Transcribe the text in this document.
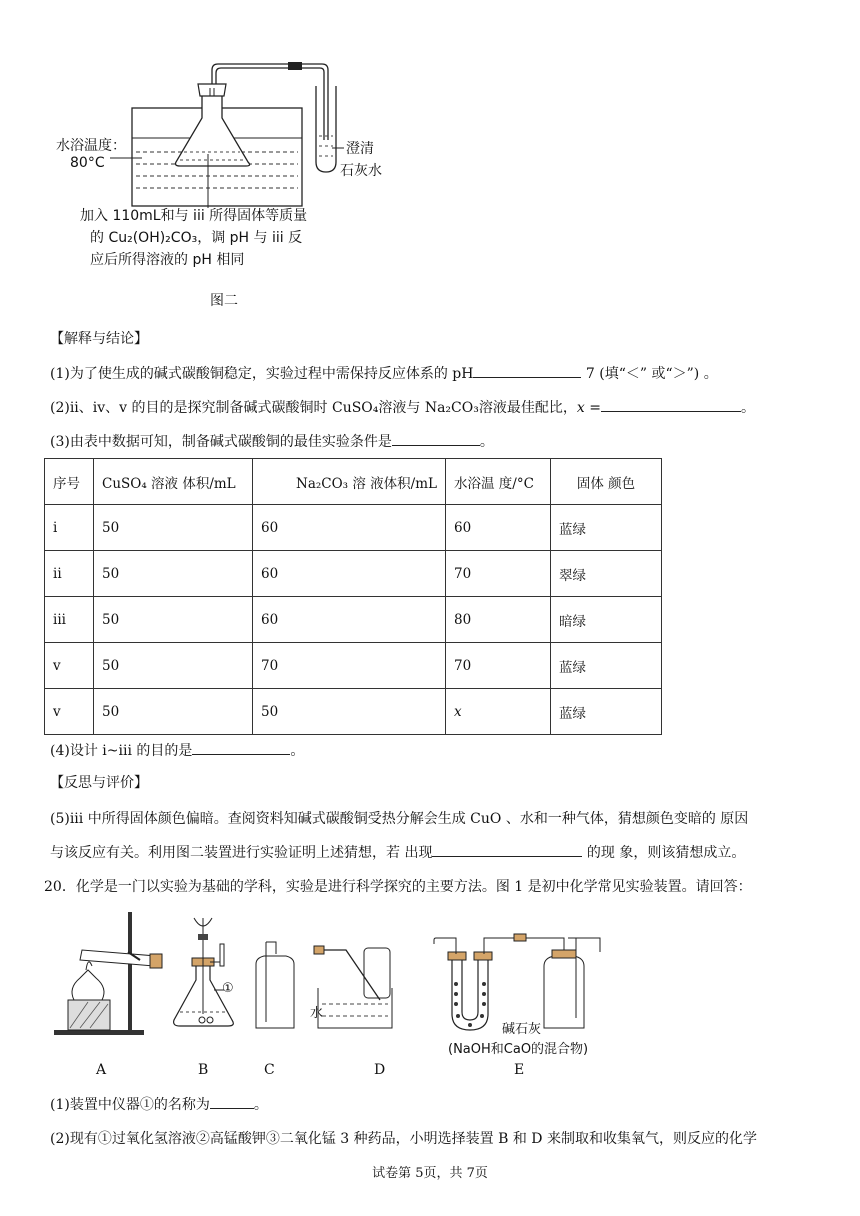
水浴温度：
80°C
澄清
石灰水
加入 110mL和与 iii 所得固体等质量
的 Cu₂(OH)₂CO₃，调 pH 与 iii 反
应后所得溶液的 pH 相同
图二
【解释与结论】
(1)为了使生成的碱式碳酸铜稳定，实验过程中需保持反应体系的 pH	7 (填“＜” 或“＞”) 。
(2)ii、iv、v 的目的是探究制备碱式碳酸铜时 CuSO₄溶液与 Na₂CO₃溶液最佳配比，x =	。
(3)由表中数据可知，制备碱式碳酸铜的最佳实验条件是	。
序号	CuSO₄ 溶液 体积/mL	Na₂CO₃ 溶 液体积/mL	水浴温 度/°C	固体 颜色
i	50	60	60	蓝绿
ii	50	60	70	翠绿
iii	50	60	80	暗绿
v	50	70	70	蓝绿
v	50	50	x	蓝绿
(4)设计 i~iii 的目的是	。
【反思与评价】
(5)iii 中所得固体颜色偏暗。查阅资料知碱式碳酸铜受热分解会生成 CuO 、水和一种气体，猜想颜色变暗的 原因
与该反应有关。利用图二装置进行实验证明上述猜想，若 出现	的现 象，则该猜想成立。
20．化学是一门以实验为基础的学科，实验是进行科学探究的主要方法。图 1 是初中化学常见实验装置。请回答：
①
水
碱石灰
(NaOH和CaO的混合物)
A	B	C	D	E
(1)装置中仪器①的名称为	。
(2)现有①过氧化氢溶液②高锰酸钾③二氧化锰 3 种药品，小明选择装置 B 和 D 来制取和收集氧气，则反应的化学
试卷第 5页，共 7页
